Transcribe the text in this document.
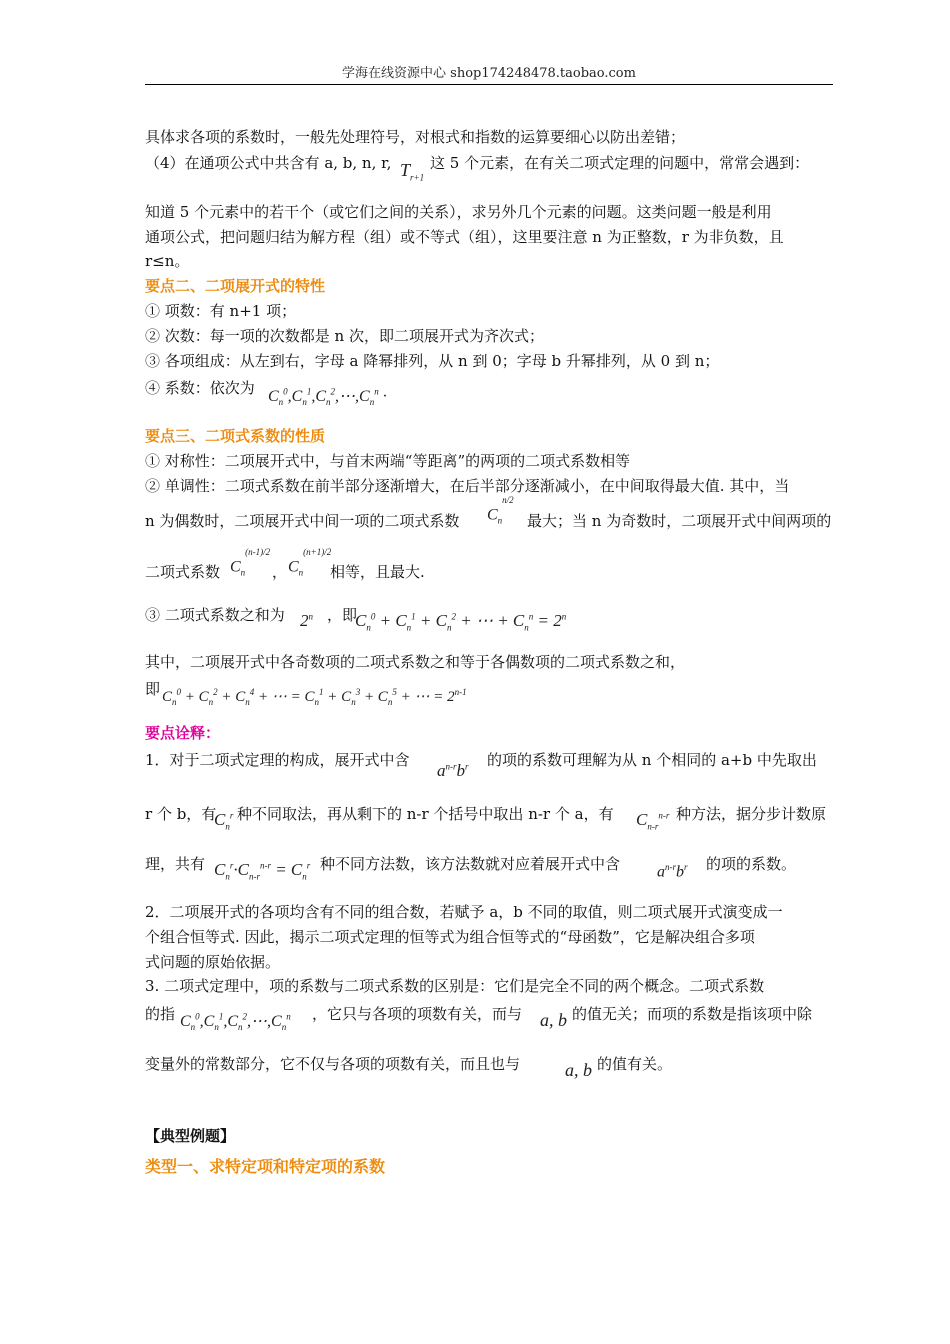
学海在线资源中心 shop174248478.taobao.com
具体求各项的系数时，一般先处理符号，对根式和指数的运算要细心以防出差错；
（4）在通项公式中共含有 a, b, n, r, $T_{r+1}$
这 5 个元素，在有关二项式定理的问题中，常常会遇到：
知道 5 个元素中的若干个（或它们之间的关系），求另外几个元素的问题。这类问题一般是利用
通项公式，把问题归结为解方程（组）或不等式（组），这里要注意 n 为正整数，r 为非负数，且
r≤n。
要点二、二项展开式的特性
① 项数：有 n+1 项；
② 次数：每一项的次数都是 n 次，即二项展开式为齐次式；
③ 各项组成：从左到右，字母 a 降幂排列，从 n 到 0；字母 b 升幂排列，从 0 到 n；
④ 系数：依次为 $C_n^0,C_n^1,C_n^2,\cdots,C_n^n$ ·
要点三、二项式系数的性质
① 对称性：二项展开式中，与首末两端“等距离”的两项的二项式系数相等
② 单调性：二项式系数在前半部分逐渐增大，在后半部分逐渐减小，在中间取得最大值. 其中，当
n 为偶数时，二项展开式中间一项的二项式系数 $C_n^{n/2}$
最大；当 n 为奇数时，二项展开式中间两项的
二项式系数 $C_n^{(n-1)/2}$
， $C_n^{(n+1)/2}$
相等，且最大.
③ 二项式系数之和为 2$^n$ ，即
$C_n^0 + C_n^1 + C_n^2$ + ⋯ + $C_n^n = 2^n$
其中，二项展开式中各奇数项的二项式系数之和等于各偶数项的二项式系数之和，
即 $C_n^0 + C_n^2 + C_n^4$ + ⋯ = $C_n^1 + C_n^3 + C_n^5$ + ⋯ = $2^{n-1}$
要点诠释：
1．对于二项式定理的构成，展开式中含
$a^{n-r}b^r$ 的项的系数可理解为从 n 个相同的 a+b 中先取出
r 个 b，有
$C_n^r$ 种不同取法，再从剩下的 n-r 个括号中取出 n-r 个 a，有 $C_{n-r}^{n-r}$ 种方法，据分步计数原
理，共有 $C_n^r\cdot C_{n-r}^{n-r} = C_n^r$ 种不同方法数，该方法数就对应着展开式中含 $a^{n-r}b^r$ 的项的系数。
2．二项展开式的各项均含有不同的组合数，若赋予 a，b 不同的取值，则二项式展开式演变成一
个组合恒等式. 因此，揭示二项式定理的恒等式为组合恒等式的“母函数”，它是解决组合多项
式问题的原始依据。
3. 二项式定理中，项的系数与二项式系数的区别是：它们是完全不同的两个概念。二项式系数
的指 $C_n^0,C_n^1,C_n^2,\cdots,C_n^n$ ，它只与各项的项数有关，而与 a, b 的值无关；而项的系数是指该项中除
变量外的常数部分，它不仅与各项的项数有关，而且也与 a, b 的值有关。
【典型例题】
类型一、求特定项和特定项的系数
